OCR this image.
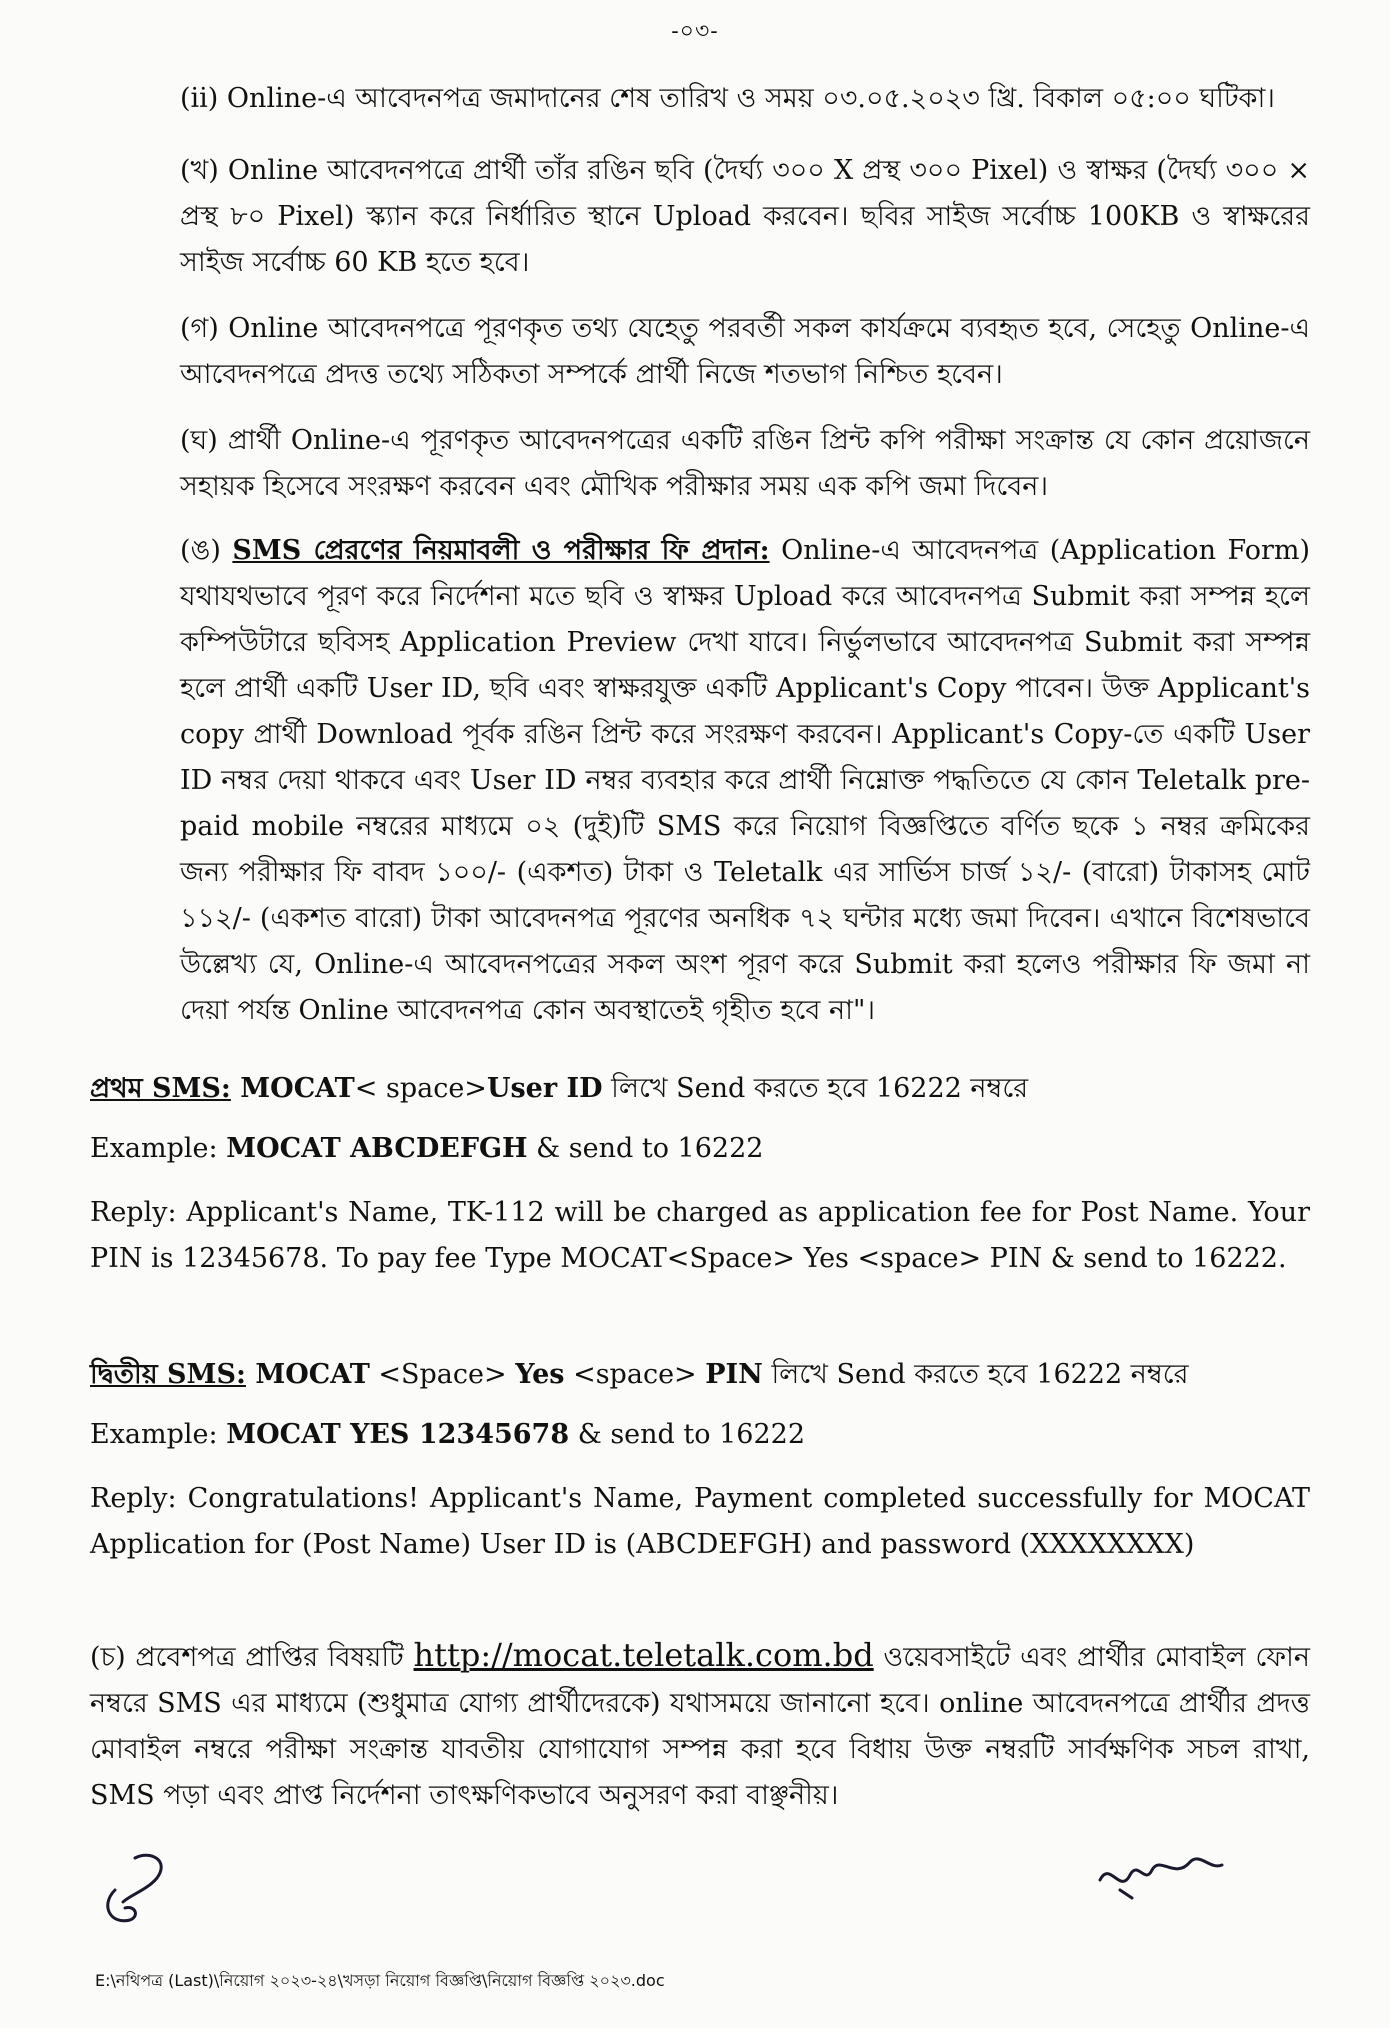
-০৩-

(ii) Online-এ আবেদনপত্র জমাদানের শেষ তারিখ ও সময় ০৩.০৫.২০২৩ খ্রি. বিকাল ০৫:০০ ঘটিকা।

(খ) Online আবেদনপত্রে প্রার্থী তাঁর রঙিন ছবি (দৈর্ঘ্য ৩০০ X প্রস্থ ৩০০ Pixel) ও স্বাক্ষর (দৈর্ঘ্য ৩০০ × প্রস্থ ৮০ Pixel) স্ক্যান করে নির্ধারিত স্থানে Upload করবেন। ছবির সাইজ সর্বোচ্চ 100KB ও স্বাক্ষরের সাইজ সর্বোচ্চ 60 KB হতে হবে।

(গ) Online আবেদনপত্রে পূরণকৃত তথ্য যেহেতু পরবর্তী সকল কার্যক্রমে ব্যবহৃত হবে, সেহেতু Online-এ আবেদনপত্রে প্রদত্ত তথ্যে সঠিকতা সম্পর্কে প্রার্থী নিজে শতভাগ নিশ্চিত হবেন।

(ঘ) প্রার্থী Online-এ পূরণকৃত আবেদনপত্রের একটি রঙিন প্রিন্ট কপি পরীক্ষা সংক্রান্ত যে কোন প্রয়োজনে সহায়ক হিসেবে সংরক্ষণ করবেন এবং মৌখিক পরীক্ষার সময় এক কপি জমা দিবেন।

(ঙ) SMS প্রেরণের নিয়মাবলী ও পরীক্ষার ফি প্রদান: Online-এ আবেদনপত্র (Application Form) যথাযথভাবে পূরণ করে নির্দেশনা মতে ছবি ও স্বাক্ষর Upload করে আবেদনপত্র Submit করা সম্পন্ন হলে কম্পিউটারে ছবিসহ Application Preview দেখা যাবে। নির্ভুলভাবে আবেদনপত্র Submit করা সম্পন্ন হলে প্রার্থী একটি User ID, ছবি এবং স্বাক্ষরযুক্ত একটি Applicant's Copy পাবেন। উক্ত Applicant's copy প্রার্থী Download পূর্বক রঙিন প্রিন্ট করে সংরক্ষণ করবেন। Applicant's Copy-তে একটি User ID নম্বর দেয়া থাকবে এবং User ID নম্বর ব্যবহার করে প্রার্থী নিম্নোক্ত পদ্ধতিতে যে কোন Teletalk pre-paid mobile নম্বরের মাধ্যমে ০২ (দুই)টি SMS করে নিয়োগ বিজ্ঞপ্তিতে বর্ণিত ছকে ১ নম্বর ক্রমিকের জন্য পরীক্ষার ফি বাবদ ১০০/- (একশত) টাকা ও Teletalk এর সার্ভিস চার্জ ১২/- (বারো) টাকাসহ মোট ১১২/- (একশত বারো) টাকা আবেদনপত্র পূরণের অনধিক ৭২ ঘন্টার মধ্যে জমা দিবেন। এখানে বিশেষভাবে উল্লেখ্য যে, Online-এ আবেদনপত্রের সকল অংশ পূরণ করে Submit করা হলেও পরীক্ষার ফি জমা না দেয়া পর্যন্ত Online আবেদনপত্র কোন অবস্থাতেই গৃহীত হবে না"।

প্রথম SMS: MOCAT< space>User ID লিখে Send করতে হবে 16222 নম্বরে

Example: MOCAT ABCDEFGH & send to 16222

Reply: Applicant's Name, TK-112 will be charged as application fee for Post Name. Your PIN is 12345678. To pay fee Type MOCAT<Space> Yes <space> PIN & send to 16222.

দ্বিতীয় SMS: MOCAT <Space> Yes <space> PIN লিখে Send করতে হবে 16222 নম্বরে

Example: MOCAT YES 12345678 & send to 16222

Reply: Congratulations! Applicant's Name, Payment completed successfully for MOCAT Application for (Post Name) User ID is (ABCDEFGH) and password (XXXXXXXX)

(চ) প্রবেশপত্র প্রাপ্তির বিষয়টি http://mocat.teletalk.com.bd ওয়েবসাইটে এবং প্রার্থীর মোবাইল ফোন নম্বরে SMS এর মাধ্যমে (শুধুমাত্র যোগ্য প্রার্থীদেরকে) যথাসময়ে জানানো হবে। online আবেদনপত্রে প্রার্থীর প্রদত্ত মোবাইল নম্বরে পরীক্ষা সংক্রান্ত যাবতীয় যোগাযোগ সম্পন্ন করা হবে বিধায় উক্ত নম্বরটি সার্বক্ষণিক সচল রাখা, SMS পড়া এবং প্রাপ্ত নির্দেশনা তাৎক্ষণিকভাবে অনুসরণ করা বাঞ্ছনীয়।

E:\নথিপত্র (Last)\নিয়োগ ২০২৩-২৪\খসড়া নিয়োগ বিজ্ঞপ্তি\নিয়োগ বিজ্ঞপ্তি ২০২৩.doc
